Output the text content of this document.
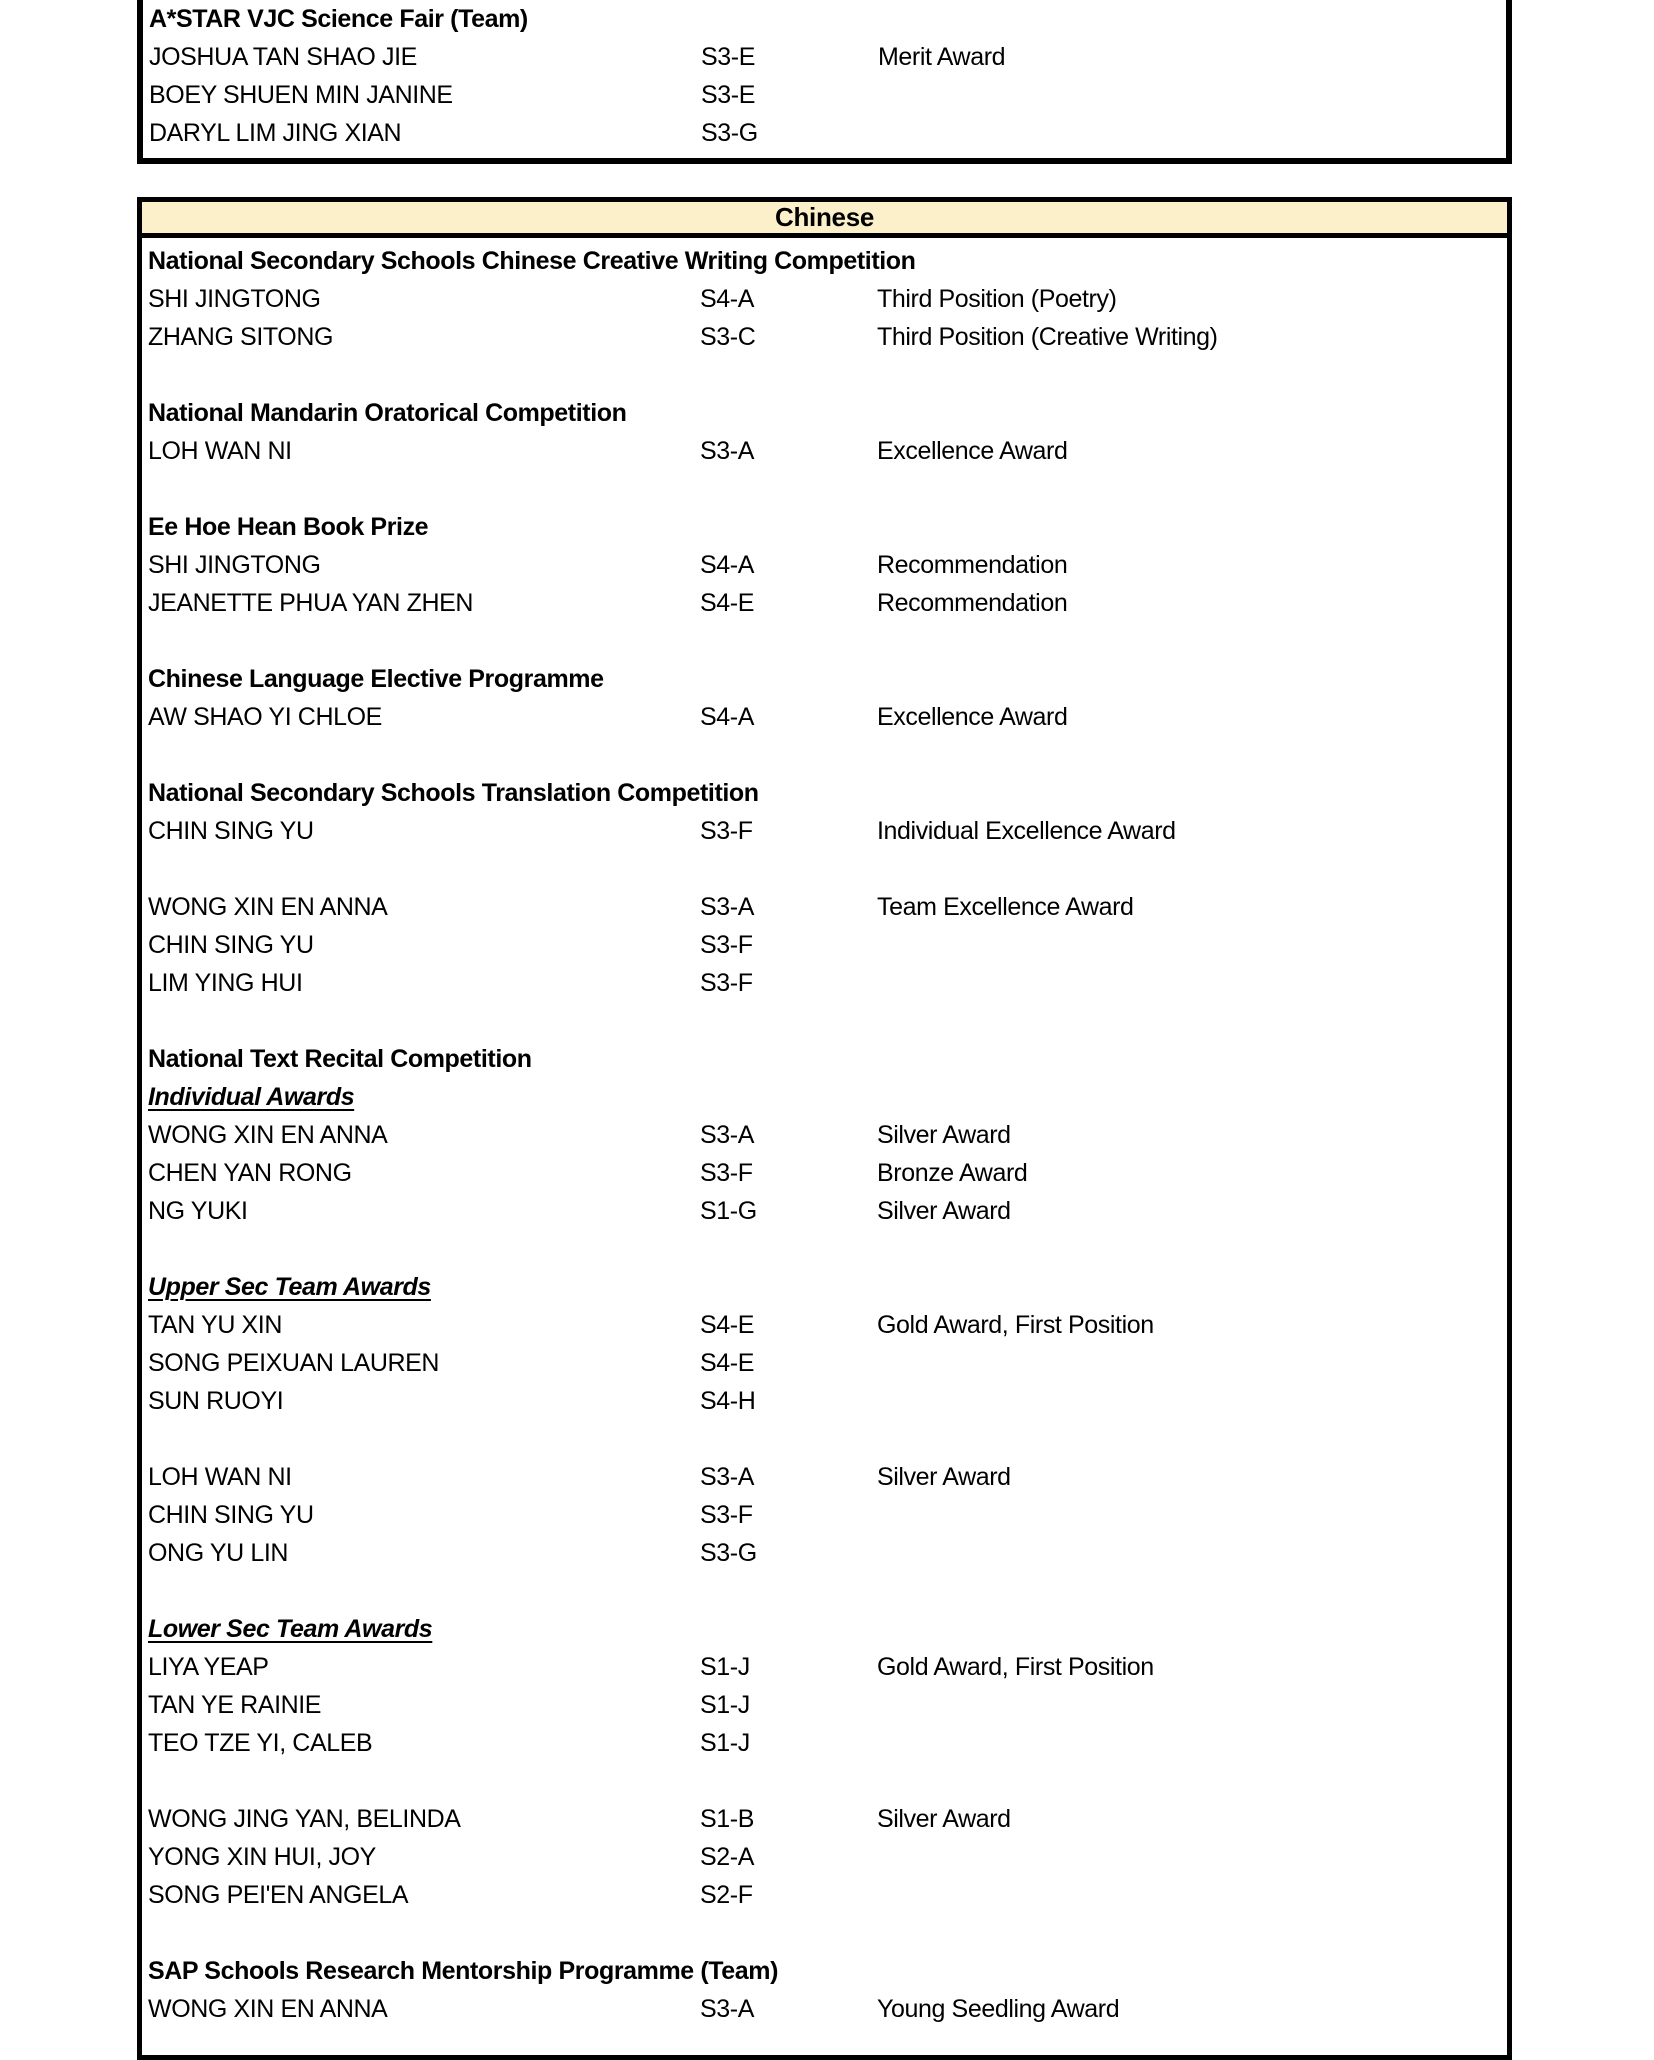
A*STAR VJC Science Fair (Team)
JOSHUA TAN SHAO JIE	S3-E	Merit Award
BOEY SHUEN MIN JANINE	S3-E
DARYL LIM JING XIAN	S3-G
Chinese
National Secondary Schools Chinese Creative Writing Competition
SHI JINGTONG	S4-A	Third Position (Poetry)
ZHANG SITONG	S3-C	Third Position (Creative Writing)
National Mandarin Oratorical Competition
LOH WAN NI	S3-A	Excellence Award
Ee Hoe Hean Book Prize
SHI JINGTONG	S4-A	Recommendation
JEANETTE PHUA YAN ZHEN	S4-E	Recommendation
Chinese Language Elective Programme
AW SHAO YI CHLOE	S4-A	Excellence Award
National Secondary Schools Translation Competition
CHIN SING YU	S3-F	Individual Excellence Award
WONG XIN EN ANNA	S3-A	Team Excellence Award
CHIN SING YU	S3-F
LIM YING HUI	S3-F
National Text Recital Competition
Individual Awards
WONG XIN EN ANNA	S3-A	Silver Award
CHEN YAN RONG	S3-F	Bronze Award
NG YUKI	S1-G	Silver Award
Upper Sec Team Awards
TAN YU XIN	S4-E	Gold Award, First Position
SONG PEIXUAN LAUREN	S4-E
SUN RUOYI	S4-H
LOH WAN NI	S3-A	Silver Award
CHIN SING YU	S3-F
ONG YU LIN	S3-G
Lower Sec Team Awards
LIYA YEAP	S1-J	Gold Award, First Position
TAN YE RAINIE	S1-J
TEO TZE YI, CALEB	S1-J
WONG JING YAN, BELINDA	S1-B	Silver Award
YONG XIN HUI, JOY	S2-A
SONG PEI'EN ANGELA	S2-F
SAP Schools Research Mentorship Programme (Team)
WONG XIN EN ANNA	S3-A	Young Seedling Award
